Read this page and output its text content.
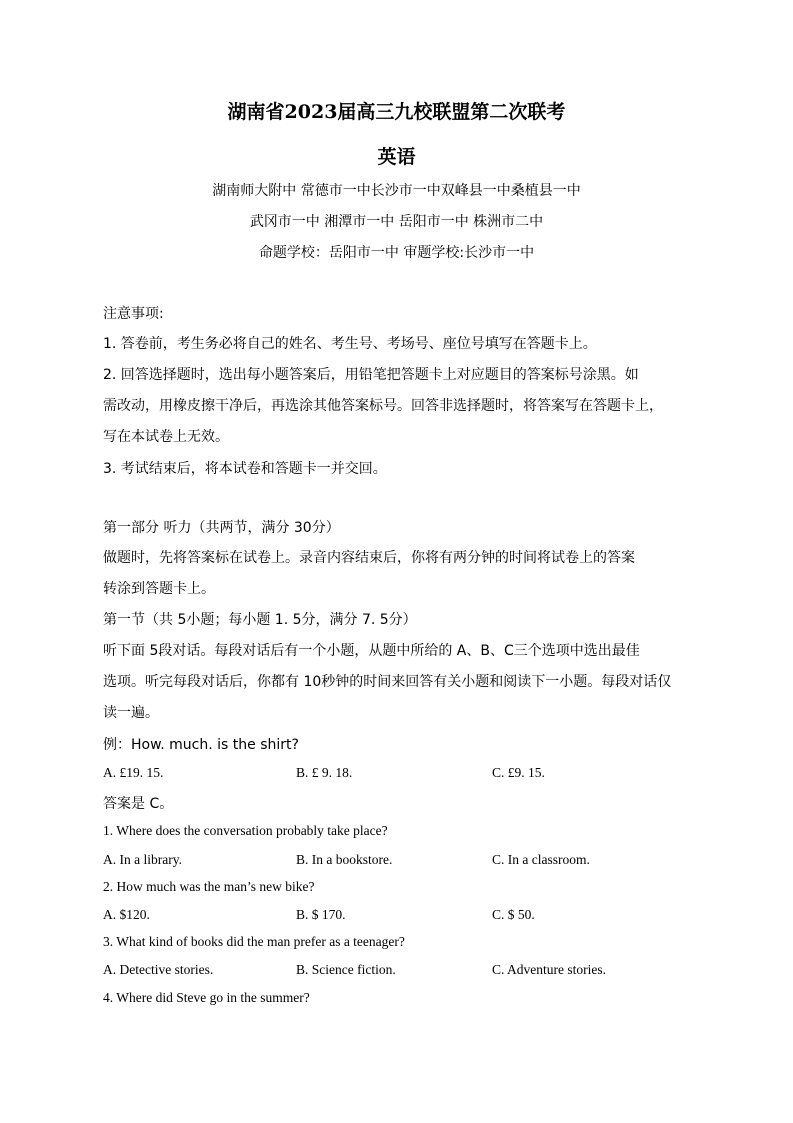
湖南省2023届高三九校联盟第二次联考
英语
湖南师大附中 常德市一中长沙市一中双峰县一中桑植县一中
武冈市一中 湘潭市一中 岳阳市一中 株洲市二中
命题学校：岳阳市一中 审题学校:长沙市一中
注意事项:
1. 答卷前，考生务必将自己的姓名、考生号、考场号、座位号填写在答题卡上。
2. 回答选择题时，选出每小题答案后，用铅笔把答题卡上对应题目的答案标号涂黑。如
需改动，用橡皮擦干净后，再选涂其他答案标号。回答非选择题时，将答案写在答题卡上，
写在本试卷上无效。
3. 考试结束后，将本试卷和答题卡一并交回。
第一部分 听力（共两节，满分 30分）
做题时，先将答案标在试卷上。录音内容结束后，你将有两分钟的时间将试卷上的答案
转涂到答题卡上。
第一节（共 5小题；每小题 1. 5分，满分 7. 5分）
听下面 5段对话。每段对话后有一个小题，从题中所给的 A、B、C三个选项中选出最佳
选项。听完每段对话后，你都有 10秒钟的时间来回答有关小题和阅读下一小题。每段对话仅
读一遍。
例：How. much. is the shirt?
A. £19. 15.	B. £ 9. 18.	C. £9. 15.
答案是 C。
1. Where does the conversation probably take place?
A. In a library.	B. In a bookstore.	C. In a classroom.
2. How much was the man’s new bike?
A. $120.	B. $ 170.	C. $ 50.
3. What kind of books did the man prefer as a teenager?
A. Detective stories.	B. Science fiction.	C. Adventure stories.
4. Where did Steve go in the summer?
